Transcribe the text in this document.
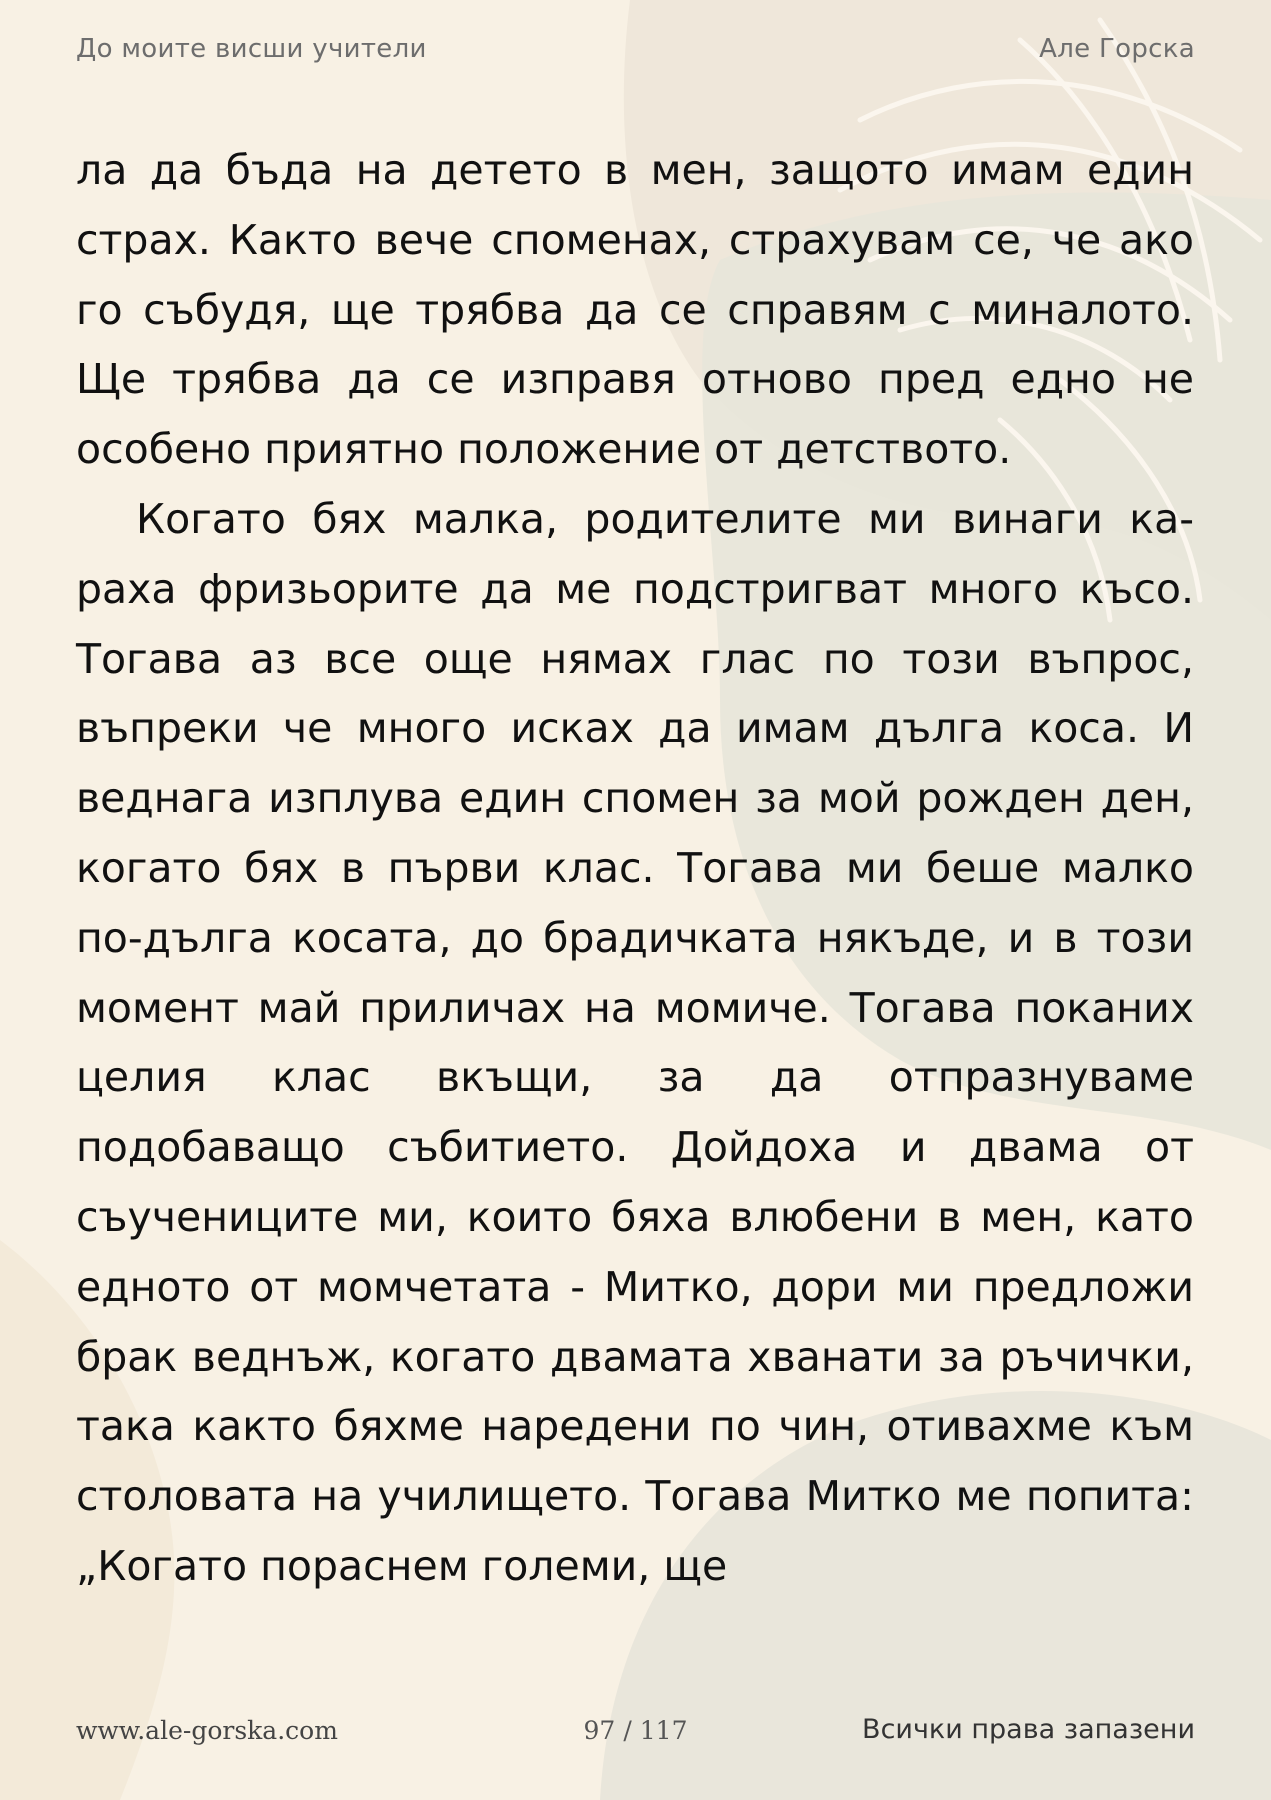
До моите висши учители	Але Горска

ла да бъда на детето в мен, защото имам един страх. Както вече споменах, страхувам се, че ако го събудя, ще трябва да се справям с миналото. Ще трябва да се изправя отново пред едно не особено приятно положение от детството.

Когато бях малка, родителите ми винаги караха фризьорите да ме подстригват много късо. Тогава аз все още нямах глас по този въпрос, въпреки че много исках да имам дълга коса. И веднага изплува един спомен за мой рожден ден, когато бях в първи клас. Тогава ми беше малко по-дълга косата, до брадичката някъде, и в този момент май приличах на момиче. Тогава поканих целия клас вкъщи, за да отпразнуваме подобаващо събитието. Дойдоха и двама от съучениците ми, които бяха влюбени в мен, като едното от момчетата - Митко, дори ми предложи брак веднъж, когато двамата хванати за ръчички, така както бяхме наредени по чин, отивахме към столовата на училището. Тогава Митко ме попита: „Когато пораснем големи, ще

www.ale-gorska.com	97 / 117	Всички права запазени
